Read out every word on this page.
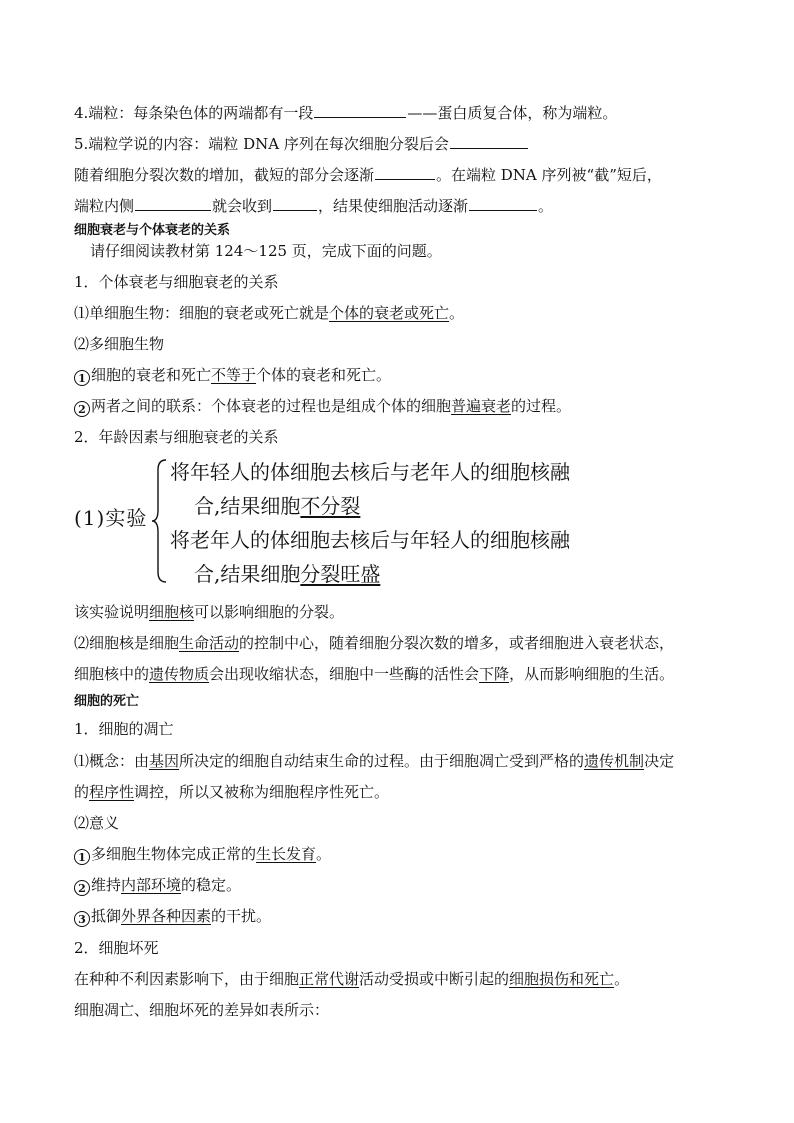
4.端粒：每条染色体的两端都有一段	——蛋白质复合体，称为端粒。
5.端粒学说的内容：端粒 DNA 序列在每次细胞分裂后会
随着细胞分裂次数的增加，截短的部分会逐渐	。在端粒 DNA 序列被“截”短后，
端粒内侧	就会收到	，结果使细胞活动逐渐	。
细胞衰老与个体衰老的关系
请仔细阅读教材第 124～125 页，完成下面的问题。
1．个体衰老与细胞衰老的关系
⑴单细胞生物：细胞的衰老或死亡就是个体的衰老或死亡。
⑵多细胞生物
1 细胞的衰老和死亡不等于个体的衰老和死亡。
2 两者之间的联系：个体衰老的过程也是组成个体的细胞普遍衰老的过程。
2．年龄因素与细胞衰老的关系
(1)实验
将年轻人的体细胞去核后与老年人的细胞核融
合,结果细胞不分裂
将老年人的体细胞去核后与年轻人的细胞核融
合,结果细胞分裂旺盛
该实验说明细胞核可以影响细胞的分裂。
⑵细胞核是细胞生命活动的控制中心，随着细胞分裂次数的增多，或者细胞进入衰老状态，
细胞核中的遗传物质会出现收缩状态，细胞中一些酶的活性会下降，从而影响细胞的生活。
细胞的死亡
1．细胞的凋亡
⑴概念：由基因所决定的细胞自动结束生命的过程。由于细胞凋亡受到严格的遗传机制决定
的程序性调控，所以又被称为细胞程序性死亡。
⑵意义
1 多细胞生物体完成正常的生长发育。
2 维持内部环境的稳定。
3 抵御外界各种因素的干扰。
2．细胞坏死
在种种不利因素影响下，由于细胞正常代谢活动受损或中断引起的细胞损伤和死亡。
细胞凋亡、细胞坏死的差异如表所示：
